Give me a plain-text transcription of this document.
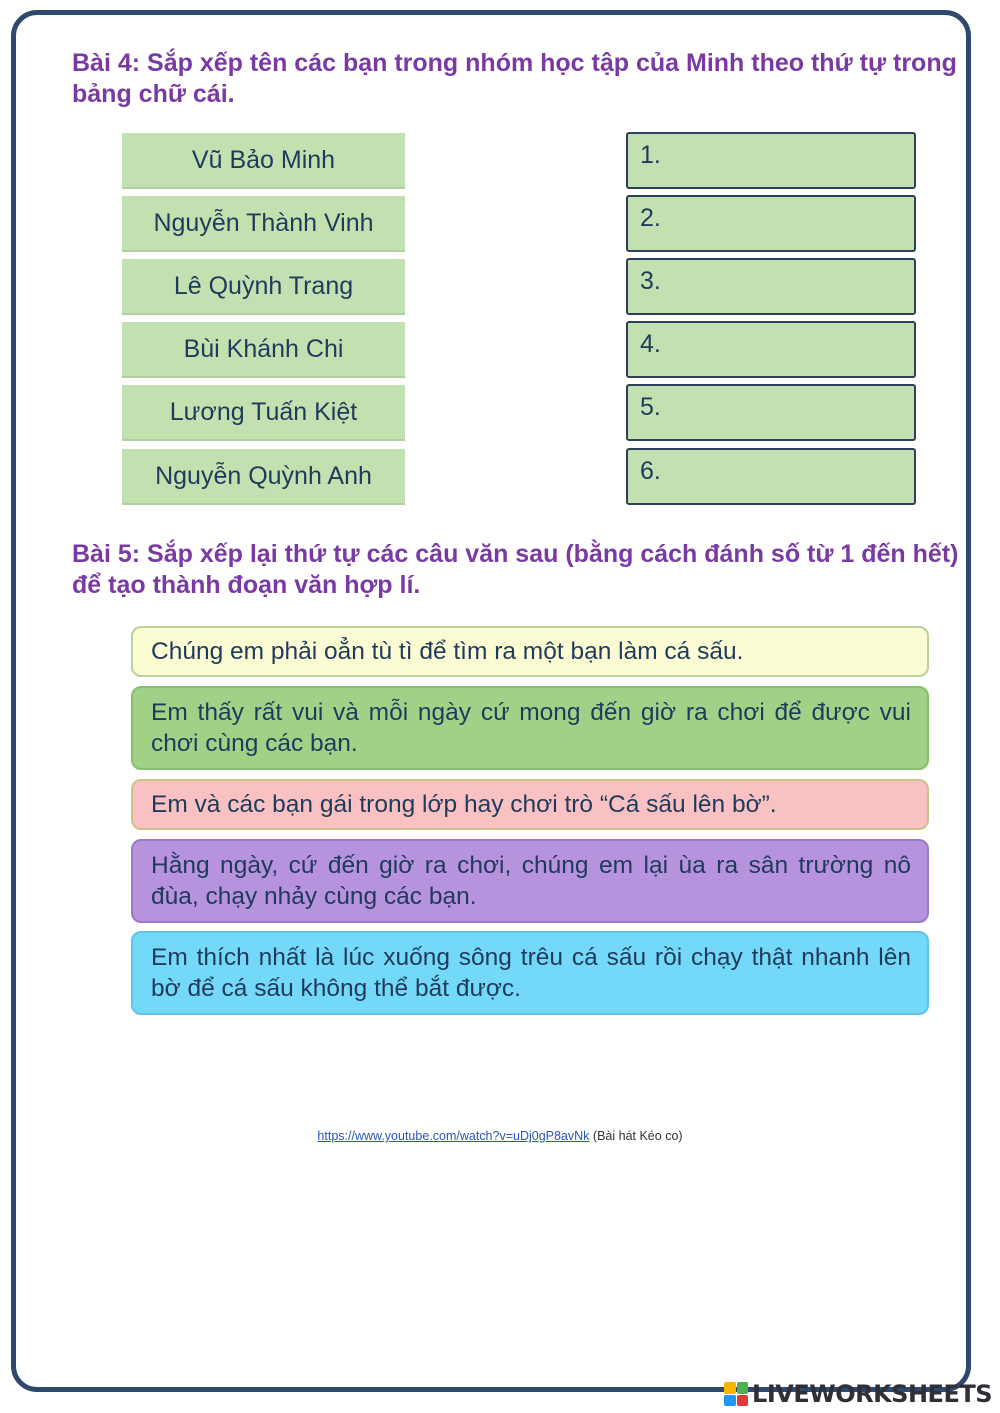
Bài 4: Sắp xếp tên các bạn trong nhóm học tập của Minh theo thứ tự trong bảng chữ cái.
Vũ Bảo Minh
Nguyễn Thành Vinh
Lê Quỳnh Trang
Bùi Khánh Chi
Lương Tuấn Kiệt
Nguyễn Quỳnh Anh
1.
2.
3.
4.
5.
6.
Bài 5: Sắp xếp lại thứ tự các câu văn sau (bằng cách đánh số từ 1 đến hết) để tạo thành đoạn văn hợp lí.
Chúng em phải oẳn tù tì để tìm ra một bạn làm cá sấu.
Em thấy rất vui và mỗi ngày cứ mong đến giờ ra chơi để được vui chơi cùng các bạn.
Em và các bạn gái trong lớp hay chơi trò “Cá sấu lên bờ”.
Hằng ngày, cứ đến giờ ra chơi, chúng em lại ùa ra sân trường nô đùa, chạy nhảy cùng các bạn.
Em thích nhất là lúc xuống sông trêu cá sấu rồi chạy thật nhanh lên bờ để cá sấu không thể bắt được.
https://www.youtube.com/watch?v=uDj0gP8avNk (Bài hát Kéo co)
LIVEWORKSHEETS
